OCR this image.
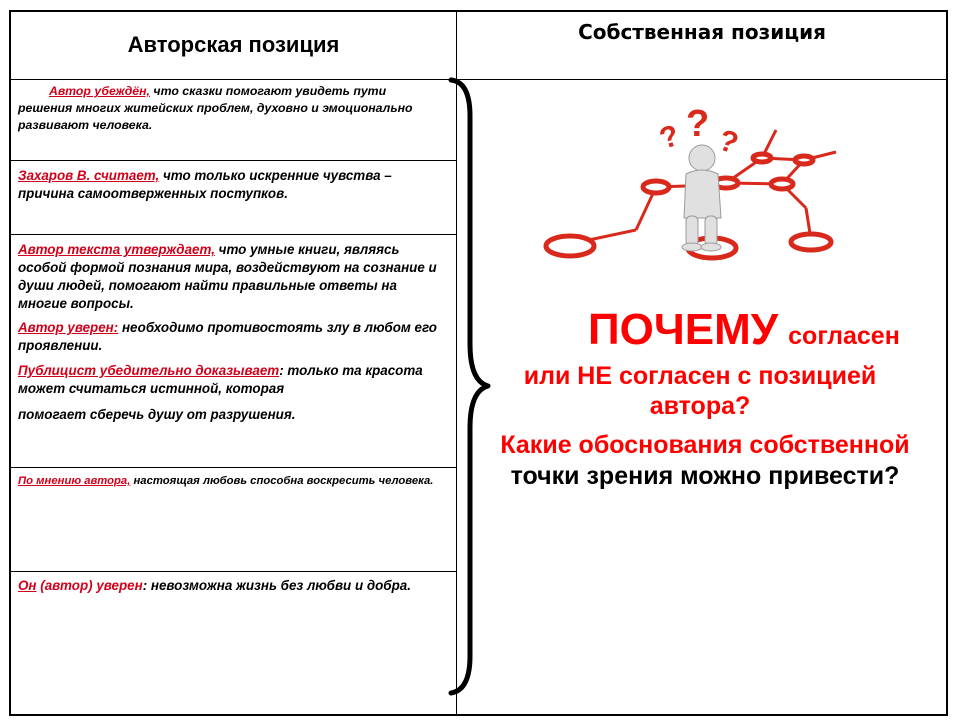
Авторская позиция	Собственная позиция
Автор убеждён, что сказки помогают увидеть пути решения многих житейских проблем, духовно и эмоционально развивают человека.
Захаров В. считает, что только искренние чувства – причина самоотверженных поступков.

Автор текста утверждает, что умные книги, являясь особой формой познания мира, воздействуют на сознание и души людей, помогают найти правильные ответы на многие вопросы.

Автор уверен: необходимо противостоять злу в любом его проявлении.

Публицист убедительно доказывает: только та красота может считаться истинной, которая

помогает сберечь душу от разрушения.

По мнению автора, настоящая любовь способна воскресить человека.
Он (автор) уверен: невозможна жизнь без любви и добра.
? ? ?
ПОЧЕМУ согласен
или НЕ согласен с позицией
автора?
Какие обоснования собственной
точки зрения можно привести?
